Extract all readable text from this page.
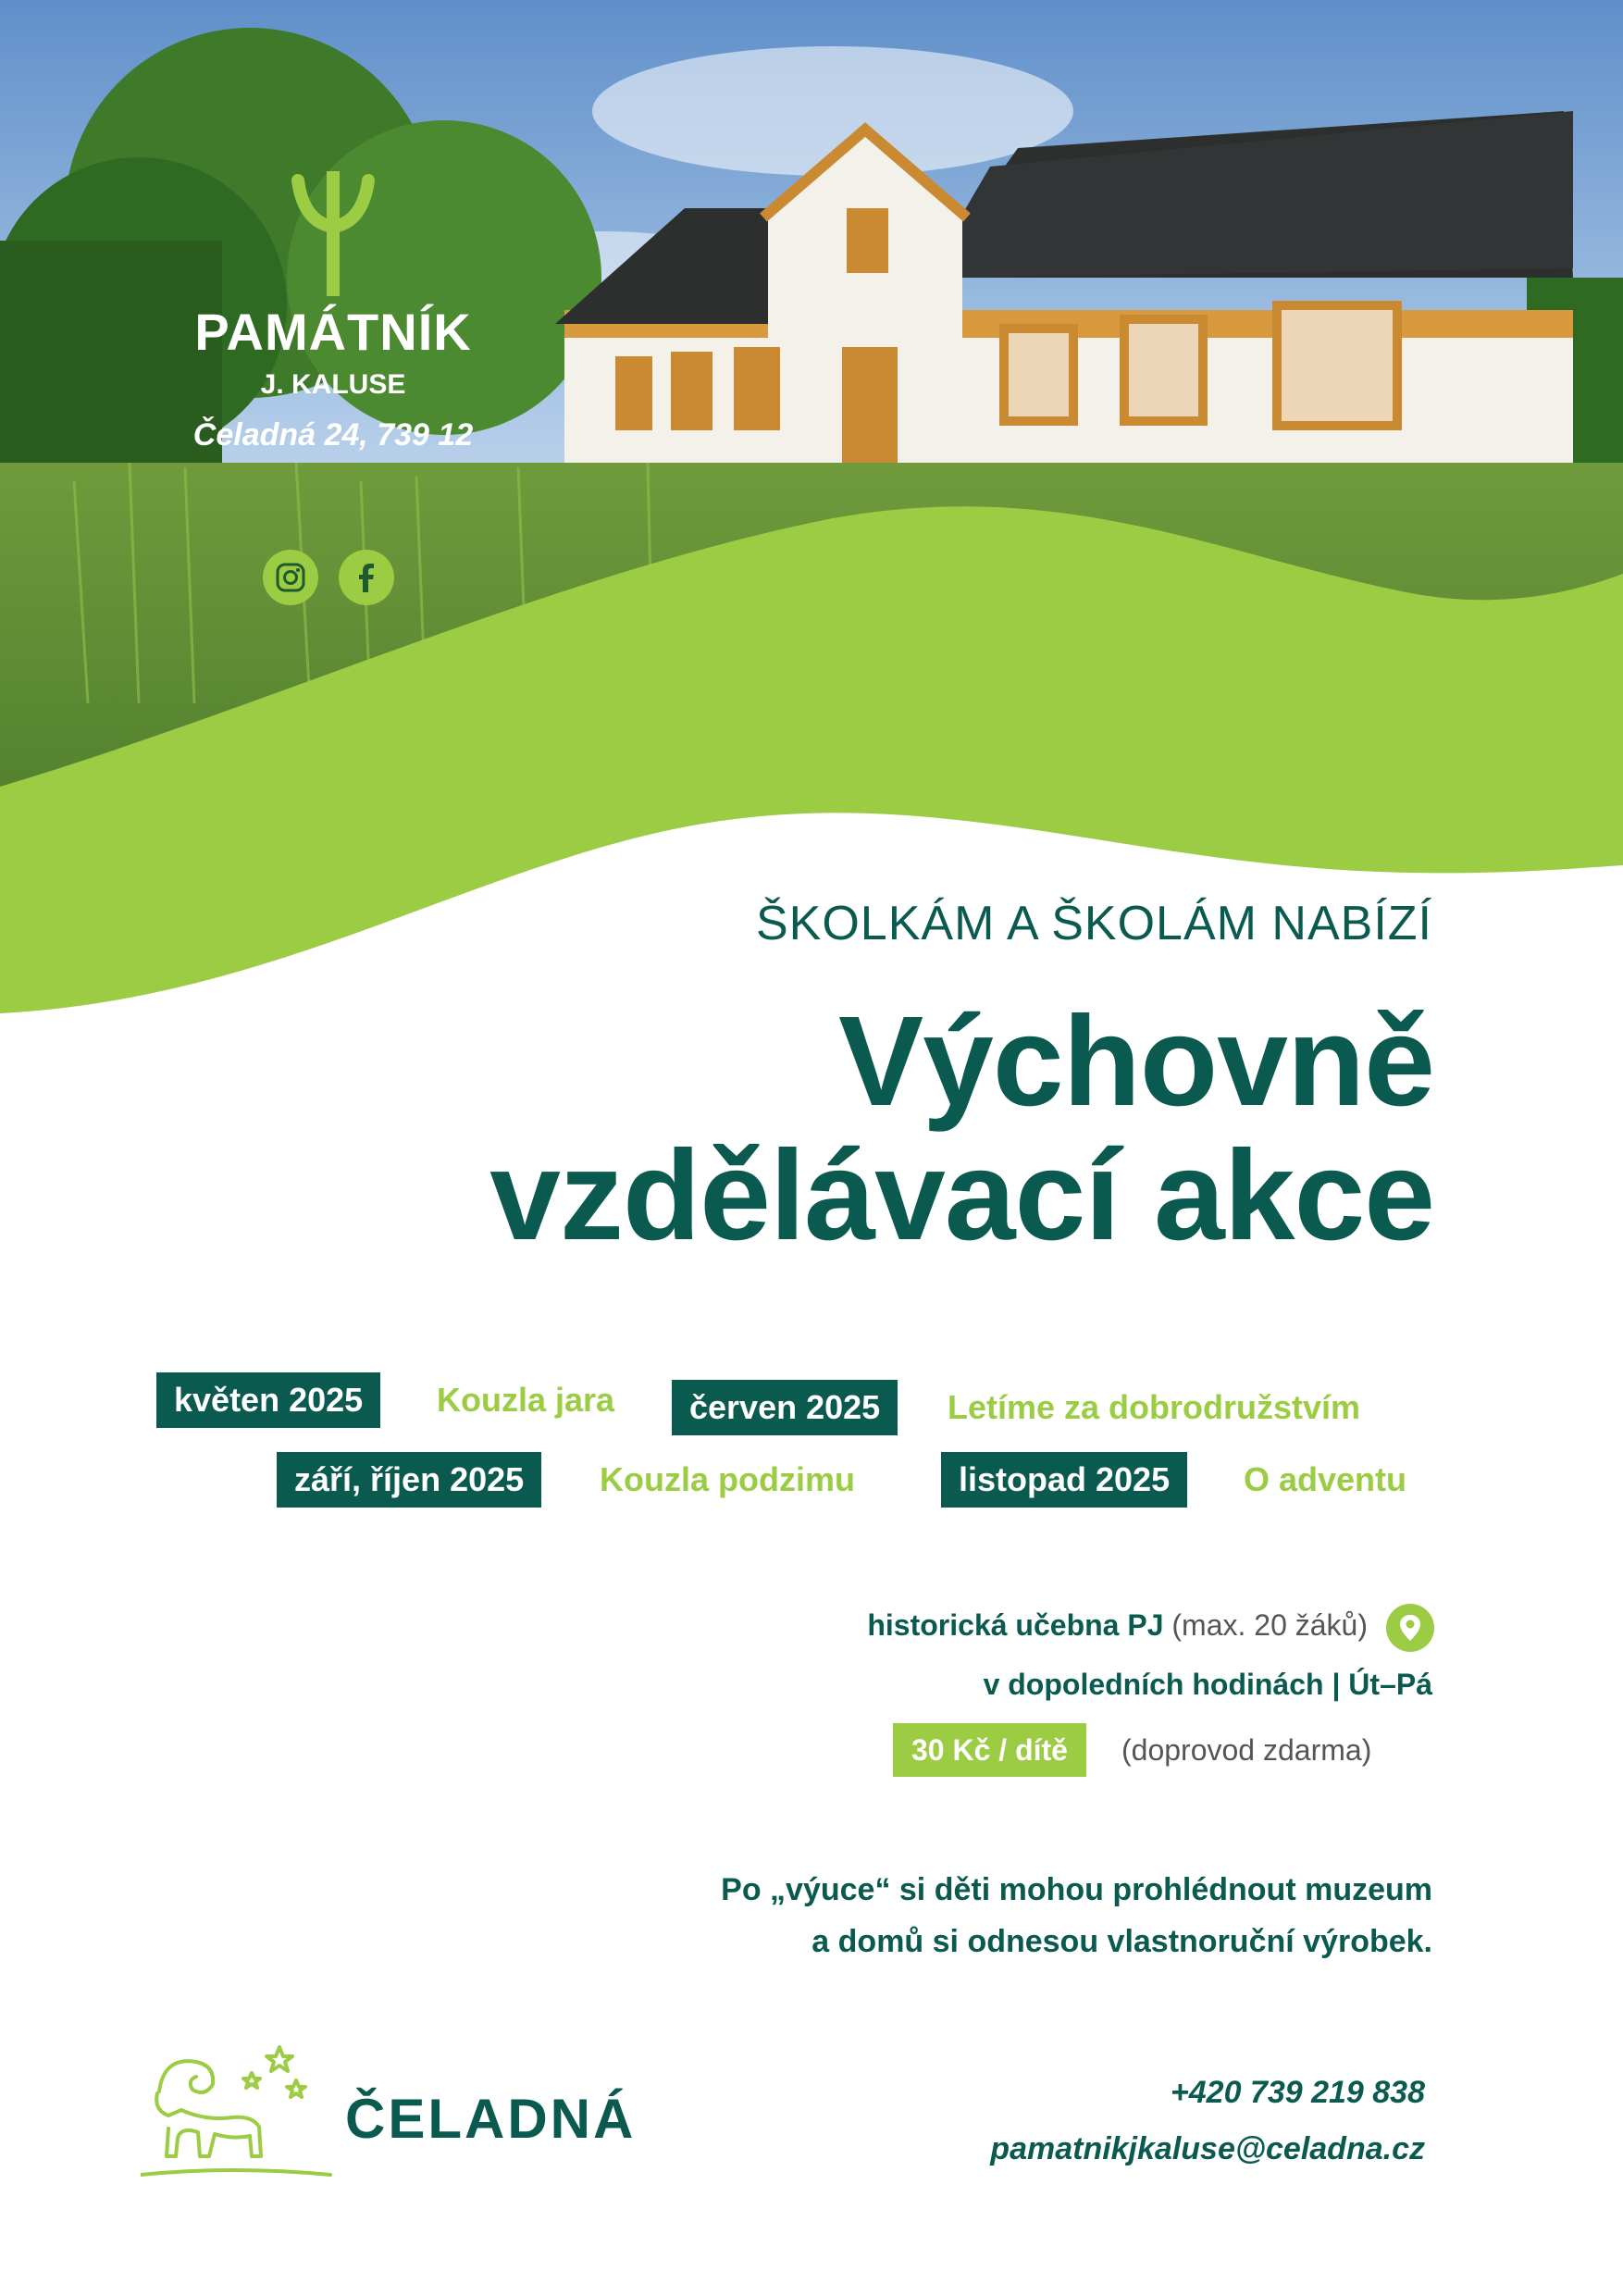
PAMÁTNÍK
J. KALUSE
Čeladná 24, 739 12
ŠKOLKÁM A ŠKOLÁM NABÍZÍ
Výchovně
vzdělávací akce
květen 2025	Kouzla jara	červen 2025	Letíme za dobrodružstvím
září, říjen 2025	Kouzla podzimu	listopad 2025	O adventu
historická učebna PJ (max. 20 žáků)
v dopoledních hodinách | Út–Pá
30 Kč / dítě	(doprovod zdarma)
Po „výuce“ si děti mohou prohlédnout muzeum
a domů si odnesou vlastnoruční výrobek.
ČELADNÁ	+420 739 219 838
pamatnikjkaluse@celadna.cz
